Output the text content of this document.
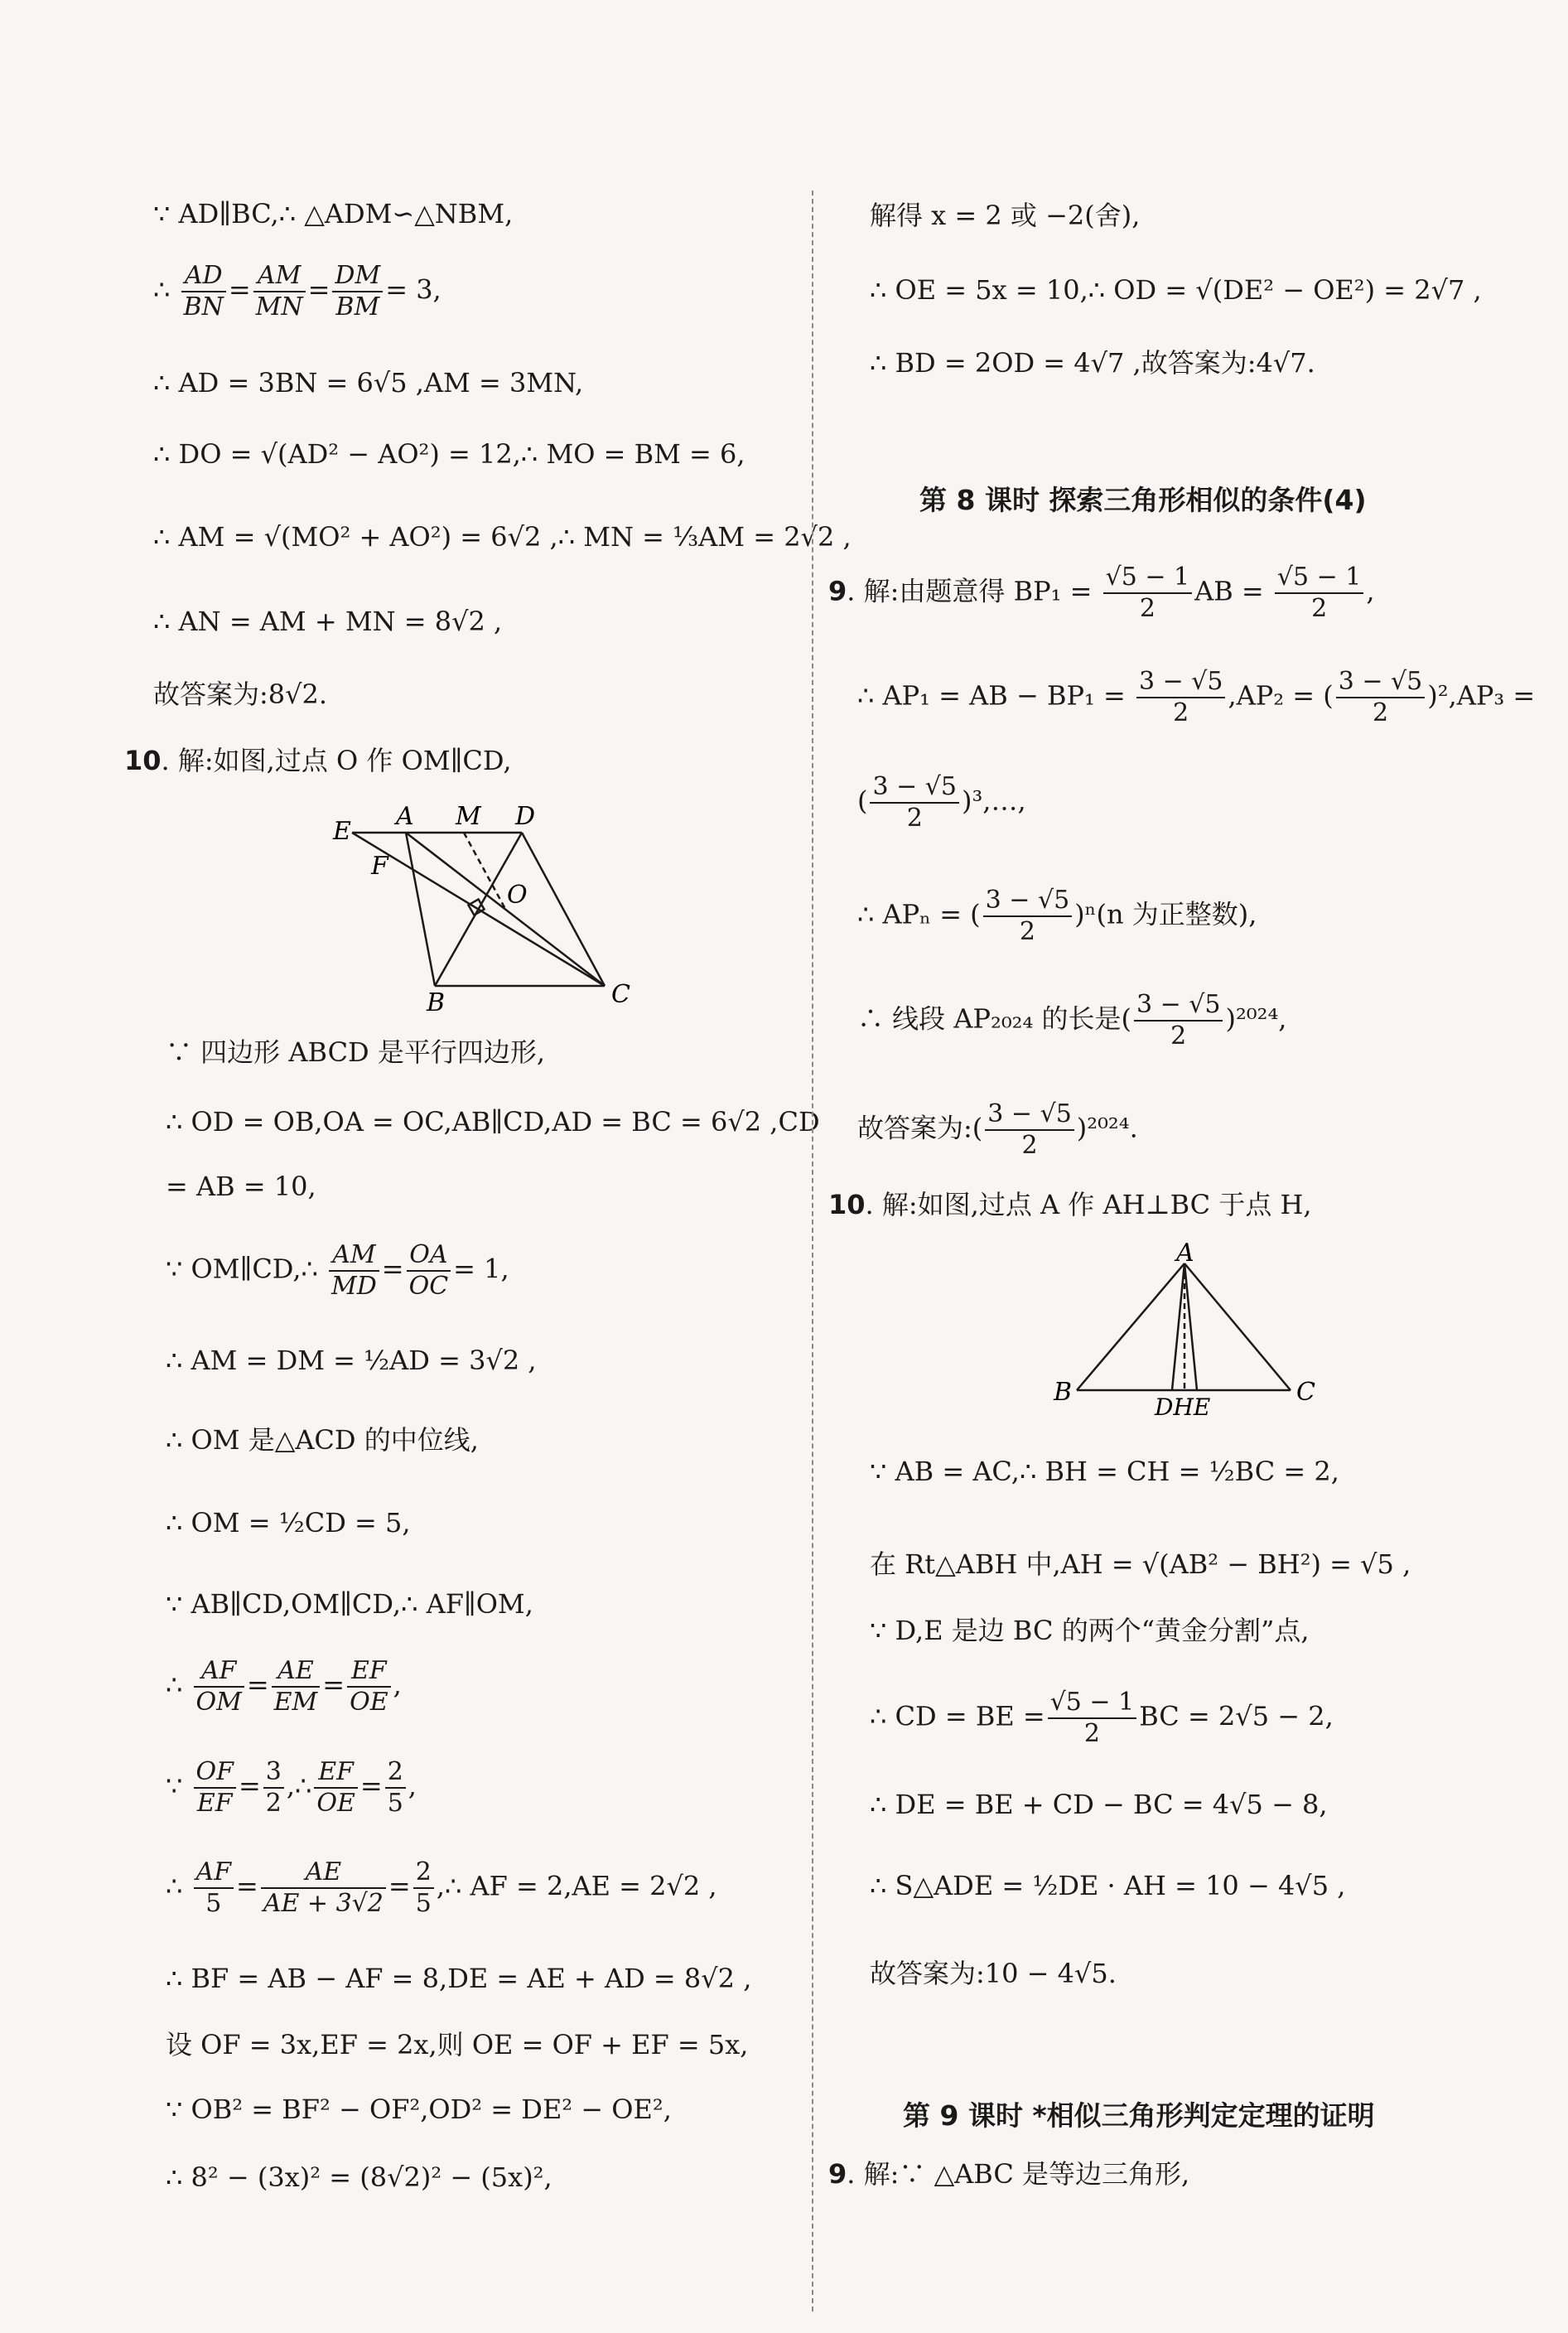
∵ AD∥BC,∴ △ADM∽△NBM,
∴ $\frac{AD}{BN} = \frac{AM}{MN} = \frac{DM}{BM} = 3$,
∴ AD = 3BN = 6√5 ,AM = 3MN,
∴ DO = √(AD² − AO²) = 12,∴ MO = BM = 6,
∴ AM = √(MO² + AO²) = 6√2 ,∴ MN = ⅓AM = 2√2 ,
∴ AN = AM + MN = 8√2 ,
故答案为:8√2.
10. 解:如图,过点 O 作 OM∥CD,
E
A M D
F
O
B	C
∵ 四边形 ABCD 是平行四边形,
∴ OD = OB,OA = OC,AB∥CD,AD = BC = 6√2 ,CD
= AB = 10,
∵ OM∥CD,∴ $\frac{AM}{MD} = \frac{OA}{OC} = 1$,
∴ AM = DM = ½AD = 3√2 ,
∴ OM 是△ACD 的中位线,
∴ OM = ½CD = 5,
∵ AB∥CD,OM∥CD,∴ AF∥OM,
∴ $\frac{AF}{OM} = \frac{AE}{EM} = \frac{EF}{OE}$ ,
∵ $\frac{OF}{EF} = \frac{3}{2}$ ,∴ $\frac{EF}{OE} = \frac{2}{5}$ ,
∴ $\frac{AF}{5} = \frac{AE}{AE + 3√2} = \frac{2}{5}$ ,∴ AF = 2,AE = 2√2 ,
∴ BF = AB − AF = 8,DE = AE + AD = 8√2 ,
设 OF = 3x,EF = 2x,则 OE = OF + EF = 5x,
∵ OB² = BF² − OF²,OD² = DE² − OE²,
∴ 8² − (3x)² = (8√2)² − (5x)²,
解得 x = 2 或 −2(舍),
∴ OE = 5x = 10,∴ OD = √(DE² − OE²) = 2√7 ,
∴ BD = 2OD = 4√7 ,故答案为:4√7.
第 8 课时 探索三角形相似的条件(4)
9. 解:由题意得 $BP_1 = \frac{√5 - 1}{2}$ AB = $\frac{√5 - 1}{2}$ ,
∴ AP₁ = AB − $BP_1 = \frac{3 - √5}{2} ,AP_2$ = ( $\frac{3 - √5}{2} )^2,AP_3$ =
( $\frac{3 - √5}{2}$ )³,…,
∴ APₙ = ( $\frac{3 - √5}{2} )^n(n$ 为正整数),
∴ 线段 AP₂₀₂₄ 的长是( $\frac{3 - √5}{2} )^{2024}$,
故答案为:( $\frac{3 - √5}{2} )^{2024}$.
10. 解:如图,过点 A 作 AH⊥BC 于点 H,
A
B	C
DHE
∵ AB = AC,∴ BH = CH = ½BC = 2,
在 Rt△ABH 中,AH = √(AB² − BH²) = √5 ,
∵ D,E 是边 BC 的两个“黄金分割”点,
∴ CD = BE = $\frac{√5 - 1}{2}$ BC = 2√5 − 2,
∴ DE = BE + CD − BC = 4√5 − 8,
∴ S△ADE = ½DE · AH = 10 − 4√5 ,
故答案为:10 − 4√5.
第 9 课时 *相似三角形判定定理的证明
9. 解:∵ △ABC 是等边三角形,
